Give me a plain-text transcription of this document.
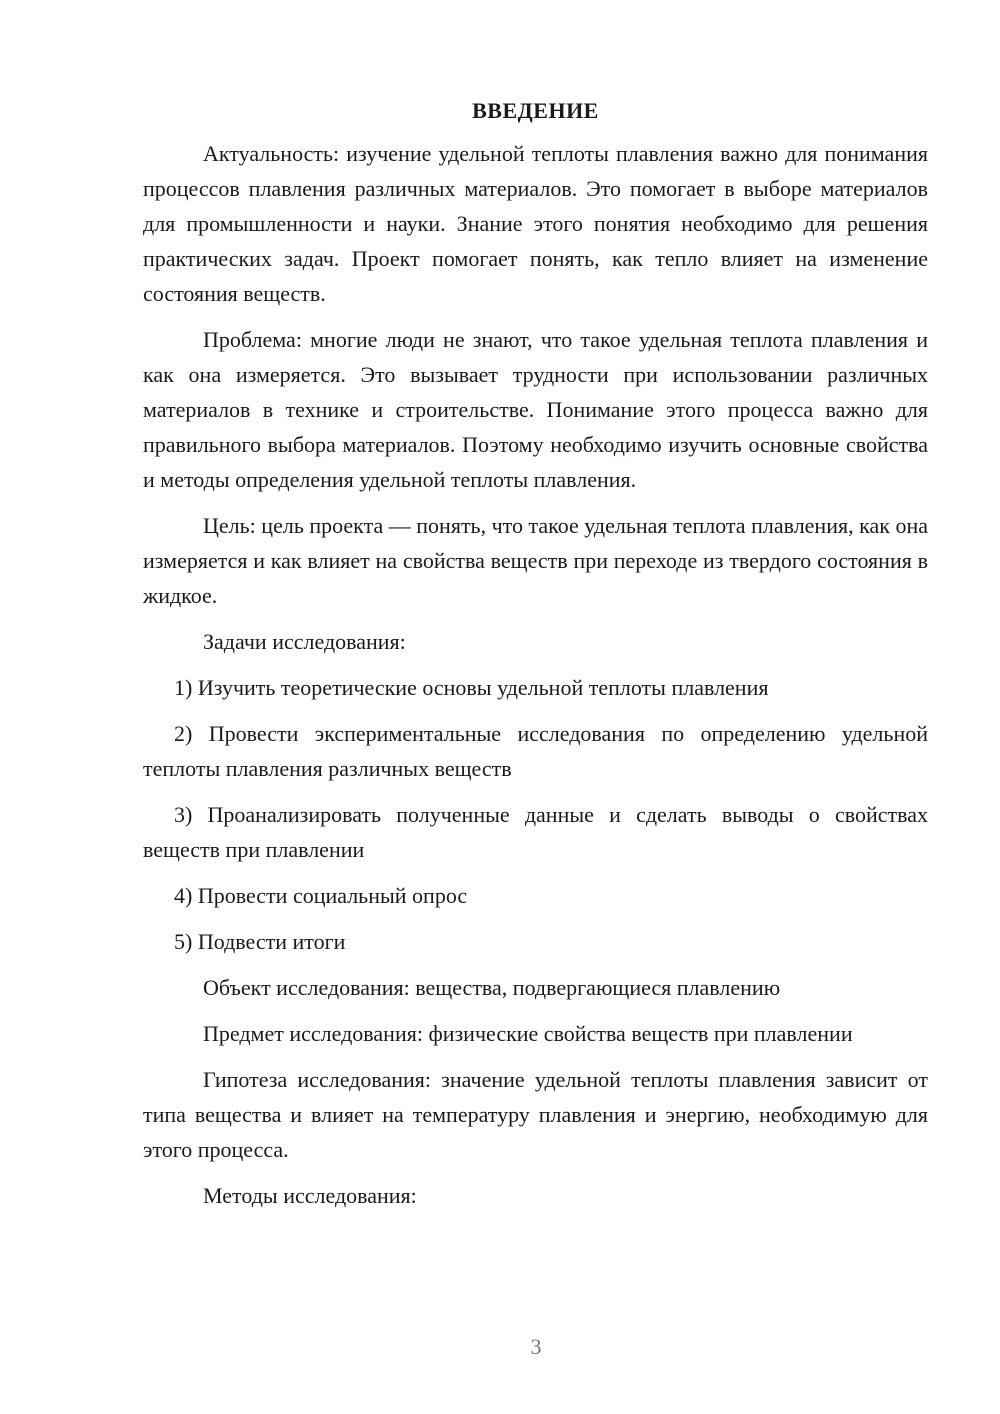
ВВЕДЕНИЕ

Актуальность: изучение удельной теплоты плавления важно для понимания процессов плавления различных материалов. Это помогает в выборе материалов для промышленности и науки. Знание этого понятия необходимо для решения практических задач. Проект помогает понять, как тепло влияет на изменение состояния веществ.

Проблема: многие люди не знают, что такое удельная теплота плавления и как она измеряется. Это вызывает трудности при использовании различных материалов в технике и строительстве. Понимание этого процесса важно для правильного выбора материалов. Поэтому необходимо изучить основные свойства и методы определения удельной теплоты плавления.

Цель: цель проекта — понять, что такое удельная теплота плавления, как она измеряется и как влияет на свойства веществ при переходе из твердого состояния в жидкое.

Задачи исследования:

1) Изучить теоретические основы удельной теплоты плавления

2) Провести экспериментальные исследования по определению удельной теплоты плавления различных веществ

3) Проанализировать полученные данные и сделать выводы о свойствах веществ при плавлении

4) Провести социальный опрос

5) Подвести итоги

Объект исследования: вещества, подвергающиеся плавлению

Предмет исследования: физические свойства веществ при плавлении

Гипотеза исследования: значение удельной теплоты плавления зависит от типа вещества и влияет на температуру плавления и энергию, необходимую для этого процесса.

Методы исследования:

3
